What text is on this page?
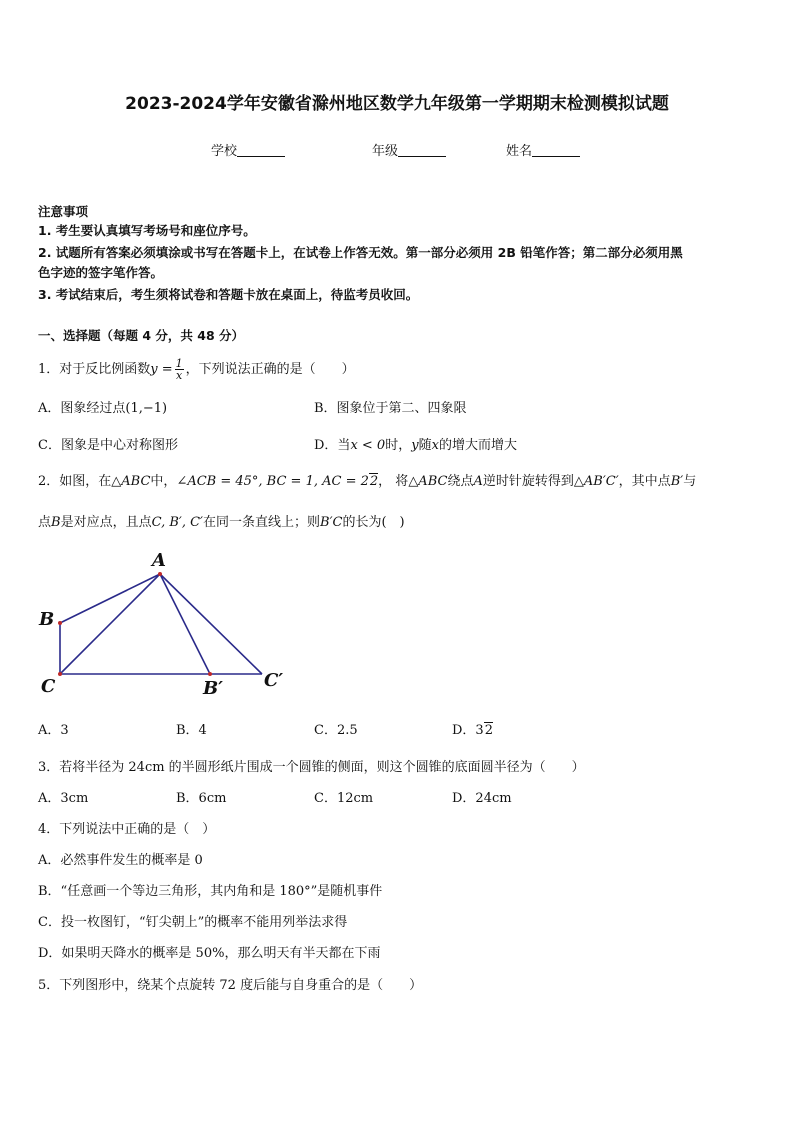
2023-2024学年安徽省滁州地区数学九年级第一学期期末检测模拟试题
学校	年级	姓名
注意事项
1. 考生要认真填写考场号和座位序号。
2. 试题所有答案必须填涂或书写在答题卡上，在试卷上作答无效。第一部分必须用 2B 铅笔作答；第二部分必须用黑
色字迹的签字笔作答。
3. 考试结束后，考生须将试卷和答题卡放在桌面上，待监考员收回。
一、选择题（每题 4 分，共 48 分）
1．对于反比例函数$y = \frac{1}{x}$ ，下列说法正确的是（　　）
A．图象经过点(1,−1)	B．图象位于第二、四象限
C．图象是中心对称图形	D．当x < 0时，y随x的增大而增大
2．如图，在△ABC中，∠ACB = 45°, BC = 1, AC = 22， 将△ABC绕点A逆时针旋转得到△AB′C′，其中点B′与
点B是对应点，且点C, B′, C′在同一条直线上；则B′C的长为(　)
A
B
C	B′ C′
A．3	B．4	C．2.5	D．32
3．若将半径为 24cm 的半圆形纸片围成一个圆锥的侧面，则这个圆锥的底面圆半径为（　　）
A．3cm	B．6cm	C．12cm	D．24cm
4．下列说法中正确的是（　）
A．必然事件发生的概率是 0
B．“任意画一个等边三角形，其内角和是 180°”是随机事件
C．投一枚图钉，“钉尖朝上”的概率不能用列举法求得
D．如果明天降水的概率是 50%，那么明天有半天都在下雨
5．下列图形中，绕某个点旋转 72 度后能与自身重合的是（　　）
